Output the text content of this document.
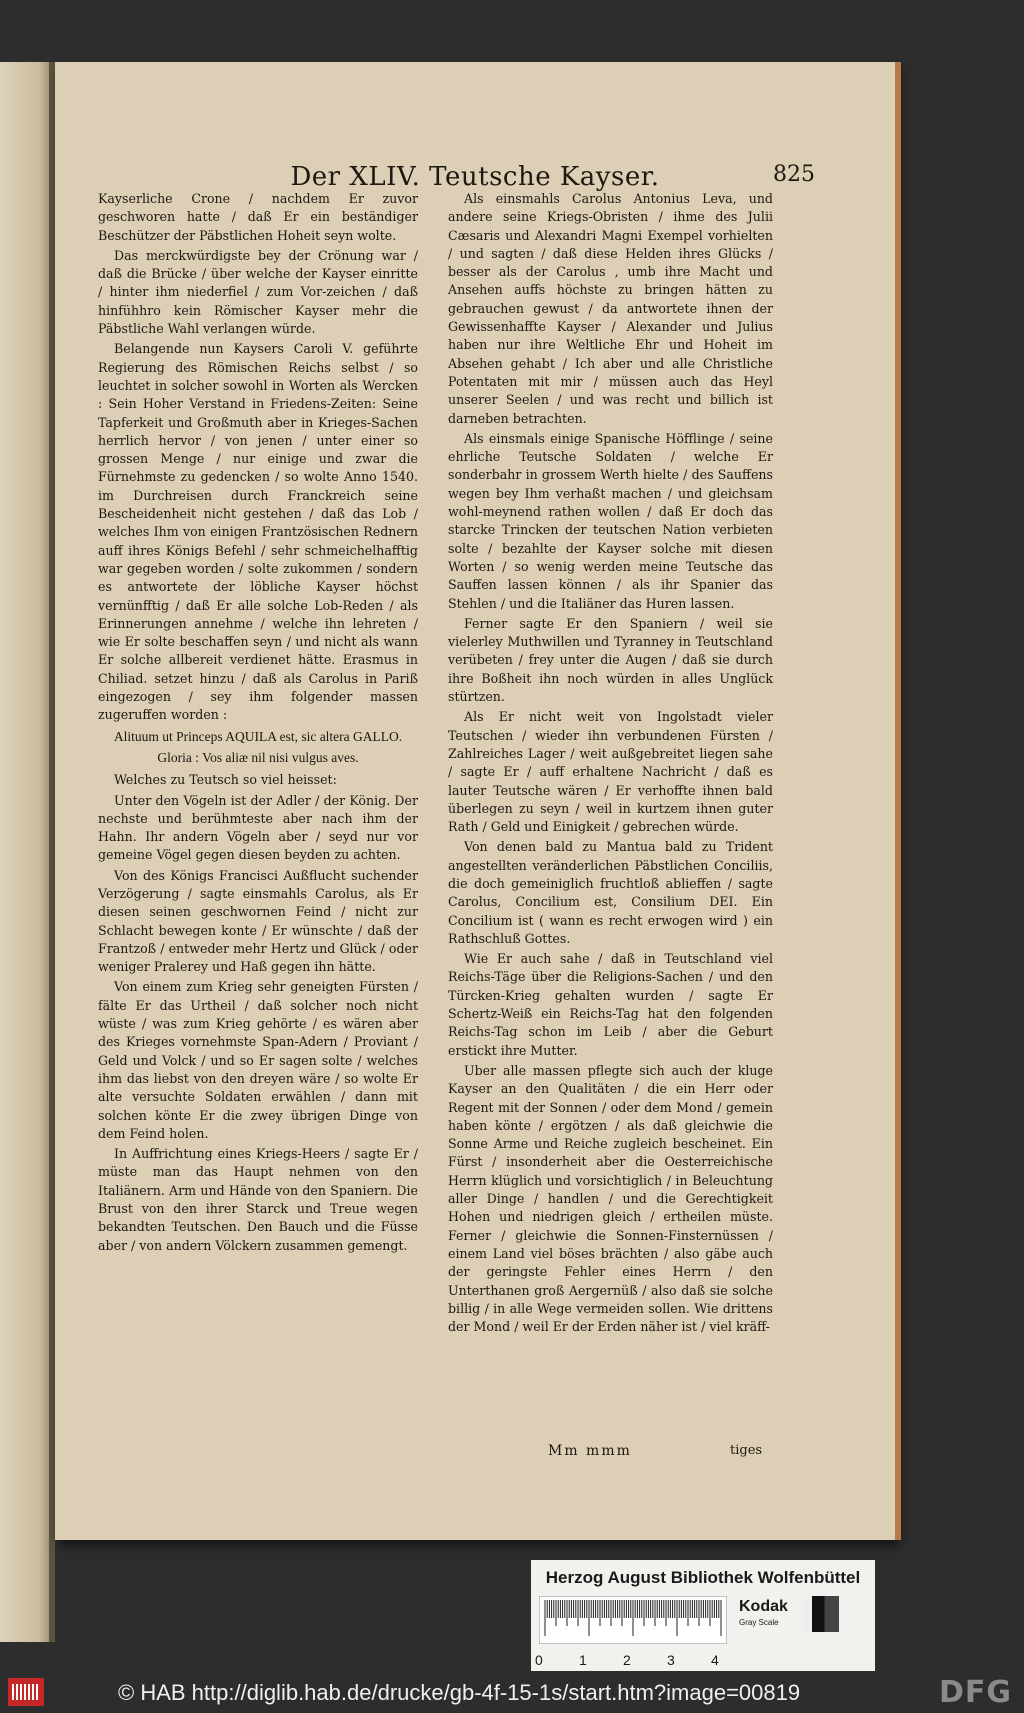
Der XLIV. Teutsche Kayser.	825

Kayserliche Crone / nachdem Er zuvor geschworen hatte / daß Er ein beständiger Beschützer der Päbstlichen Hoheit seyn wolte.

Das merckwürdigste bey der Crönung war / daß die Brücke / über welche der Kayser einritte / hinter ihm niederfiel / zum Vor-zeichen / daß hinfühhro kein Römischer Kayser mehr die Päbstliche Wahl verlangen würde.

Belangende nun Kaysers Caroli V. geführte Regierung des Römischen Reichs selbst / so leuchtet in solcher sowohl in Worten als Wercken : Sein Hoher Verstand in Friedens-Zeiten: Seine Tapferkeit und Großmuth aber in Krieges-Sachen herrlich hervor / von jenen / unter einer so grossen Menge / nur einige und zwar die Fürnehmste zu gedencken / so wolte Anno 1540. im Durchreisen durch Franckreich seine Bescheidenheit nicht gestehen / daß das Lob / welches Ihm von einigen Frantzösischen Rednern auff ihres Königs Befehl / sehr schmeichelhafftig war gegeben worden / solte zukommen / sondern es antwortete der löbliche Kayser höchst vernünfftig / daß Er alle solche Lob-Reden / als Erinnerungen annehme / welche ihn lehreten / wie Er solte beschaffen seyn / und nicht als wann Er solche allbereit verdienet hätte. Erasmus in Chiliad. setzet hinzu / daß als Carolus in Pariß eingezogen / sey ihm folgender massen zugeruffen worden :

Alituum ut Princeps AQUILA est, sic altera GALLO.

Gloria : Vos aliæ nil nisi vulgus aves.

Welches zu Teutsch so viel heisset:

Unter den Vögeln ist der Adler / der König. Der nechste und berühmteste aber nach ihm der Hahn. Ihr andern Vögeln aber / seyd nur vor gemeine Vögel gegen diesen beyden zu achten.

Von des Königs Francisci Außflucht suchender Verzögerung / sagte einsmahls Carolus, als Er diesen seinen geschwornen Feind / nicht zur Schlacht bewegen konte / Er wünschte / daß der Frantzoß / entweder mehr Hertz und Glück / oder weniger Pralerey und Haß gegen ihn hätte.

Von einem zum Krieg sehr geneigten Fürsten / fälte Er das Urtheil / daß solcher noch nicht wüste / was zum Krieg gehörte / es wären aber des Krieges vornehmste Span-Adern / Proviant / Geld und Volck / und so Er sagen solte / welches ihm das liebst von den dreyen wäre / so wolte Er alte versuchte Soldaten erwählen / dann mit solchen könte Er die zwey übrigen Dinge von dem Feind holen.

In Auffrichtung eines Kriegs-Heers / sagte Er / müste man das Haupt nehmen von den Italiänern. Arm und Hände von den Spaniern. Die Brust von den ihrer Starck und Treue wegen bekandten Teutschen. Den Bauch und die Füsse aber / von andern Völckern zusammen gemengt.

Als einsmahls Carolus Antonius Leva, und andere seine Kriegs-Obristen / ihme des Julii Cæsaris und Alexandri Magni Exempel vorhielten / und sagten / daß diese Helden ihres Glücks / besser als der Carolus , umb ihre Macht und Ansehen auffs höchste zu bringen hätten zu gebrauchen gewust / da antwortete ihnen der Gewissenhaffte Kayser / Alexander und Julius haben nur ihre Weltliche Ehr und Hoheit im Absehen gehabt / Ich aber und alle Christliche Potentaten mit mir / müssen auch das Heyl unserer Seelen / und was recht und billich ist darneben betrachten.

Als einsmals einige Spanische Höfflinge / seine ehrliche Teutsche Soldaten / welche Er sonderbahr in grossem Werth hielte / des Sauffens wegen bey Ihm verhaßt machen / und gleichsam wohl-meynend rathen wollen / daß Er doch das starcke Trincken der teutschen Nation verbieten solte / bezahlte der Kayser solche mit diesen Worten / so wenig werden meine Teutsche das Sauffen lassen können / als ihr Spanier das Stehlen / und die Italiäner das Huren lassen.

Ferner sagte Er den Spaniern / weil sie vielerley Muthwillen und Tyranney in Teutschland verübeten / frey unter die Augen / daß sie durch ihre Boßheit ihn noch würden in alles Unglück stürtzen.

Als Er nicht weit von Ingolstadt vieler Teutschen / wieder ihn verbundenen Fürsten / Zahlreiches Lager / weit außgebreitet liegen sahe / sagte Er / auff erhaltene Nachricht / daß es lauter Teutsche wären / Er verhoffte ihnen bald überlegen zu seyn / weil in kurtzem ihnen guter Rath / Geld und Einigkeit / gebrechen würde.

Von denen bald zu Mantua bald zu Trident angestellten veränderlichen Päbstlichen Conciliis, die doch gemeiniglich fruchtloß ablieffen / sagte Carolus, Concilium est, Consilium DEI. Ein Concilium ist ( wann es recht erwogen wird ) ein Rathschluß Gottes.

Wie Er auch sahe / daß in Teutschland viel Reichs-Täge über die Religions-Sachen / und den Türcken-Krieg gehalten wurden / sagte Er Schertz-Weiß ein Reichs-Tag hat den folgenden Reichs-Tag schon im Leib / aber die Geburt erstickt ihre Mutter.

Uber alle massen pflegte sich auch der kluge Kayser an den Qualitäten / die ein Herr oder Regent mit der Sonnen / oder dem Mond / gemein haben könte / ergötzen / als daß gleichwie die Sonne Arme und Reiche zugleich bescheinet. Ein Fürst / insonderheit aber die Oesterreichische Herrn klüglich und vorsichtiglich / in Beleuchtung aller Dinge / handlen / und die Gerechtigkeit Hohen und niedrigen gleich / ertheilen müste. Ferner / gleichwie die Sonnen-Finsternüssen / einem Land viel böses brächten / also gäbe auch der geringste Fehler eines Herrn / den Unterthanen groß Aergernüß / also daß sie solche billig / in alle Wege vermeiden sollen. Wie drittens der Mond / weil Er der Erden näher ist / viel kräff-

Mm mmm	tiges
Herzog August Bibliothek Wolfenbüttel
0	1	2	3	4
Kodak
Gray Scale
© HAB http://diglib.hab.de/drucke/gb-4f-15-1s/start.htm?image=00819	DFG
